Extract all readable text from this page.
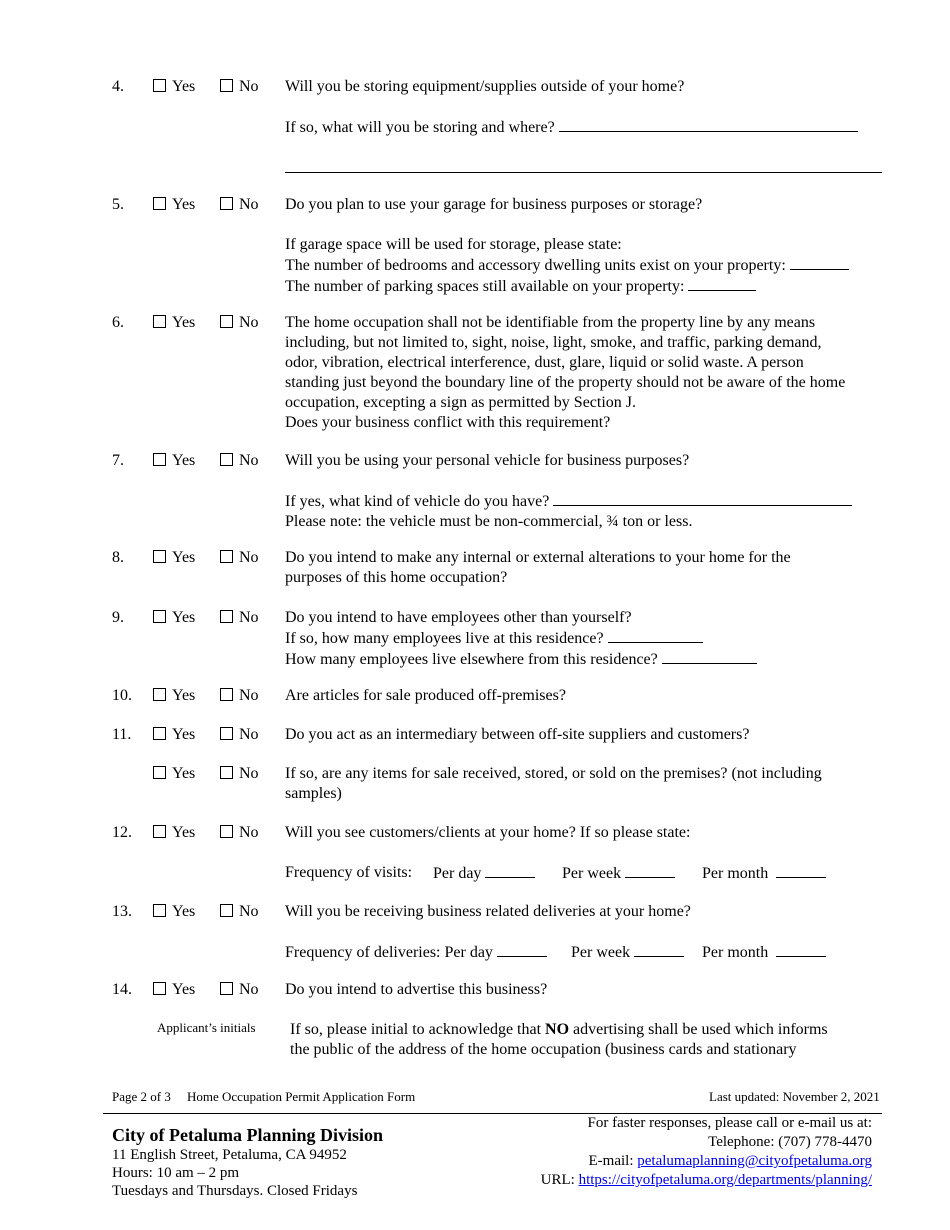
4.	Yes	No Will you be storing equipment/supplies outside of your home?
If so, what will you be storing and where?
5.	Yes	No Do you plan to use your garage for business purposes or storage?
If garage space will be used for storage, please state:
The number of bedrooms and accessory dwelling units exist on your property:
The number of parking spaces still available on your property:
6.	Yes	No The home occupation shall not be identifiable from the property line by any means
including, but not limited to, sight, noise, light, smoke, and traffic, parking demand,
odor, vibration, electrical interference, dust, glare, liquid or solid waste. A person
standing just beyond the boundary line of the property should not be aware of the home
occupation, excepting a sign as permitted by Section J.
Does your business conflict with this requirement?
7.	Yes	No Will you be using your personal vehicle for business purposes?
If yes, what kind of vehicle do you have?
Please note: the vehicle must be non-commercial, ¾ ton or less.
8.	Yes	No Do you intend to make any internal or external alterations to your home for the
purposes of this home occupation?
9.	Yes	No Do you intend to have employees other than yourself?
If so, how many employees live at this residence?
How many employees live elsewhere from this residence?
10.	Yes	No Are articles for sale produced off-premises?
11.	Yes	No Do you act as an intermediary between off-site suppliers and customers?
Yes	No If so, are any items for sale received, stored, or sold on the premises? (not including
samples)
12.	Yes	No Will you see customers/clients at your home? If so please state:
Frequency of visits: Per day	Per week	Per month
13.	Yes	No Will you be receiving business related deliveries at your home?
Frequency of deliveries: Per day	Per week	Per month
14.	Yes	No Do you intend to advertise this business?
Applicant’s initials If so, please initial to acknowledge that NO advertising shall be used which informs
the public of the address of the home occupation (business cards and stationary
Page 2 of 3 Home Occupation Permit Application Form	Last updated: November 2, 2021
City of Petaluma Planning Division
11 English Street, Petaluma, CA 94952
Hours: 10 am – 2 pm
Tuesdays and Thursdays. Closed Fridays
For faster responses, please call or e-mail us at:
Telephone: (707) 778-4470
E-mail: petalumaplanning@cityofpetaluma.org
URL: https://cityofpetaluma.org/departments/planning/
